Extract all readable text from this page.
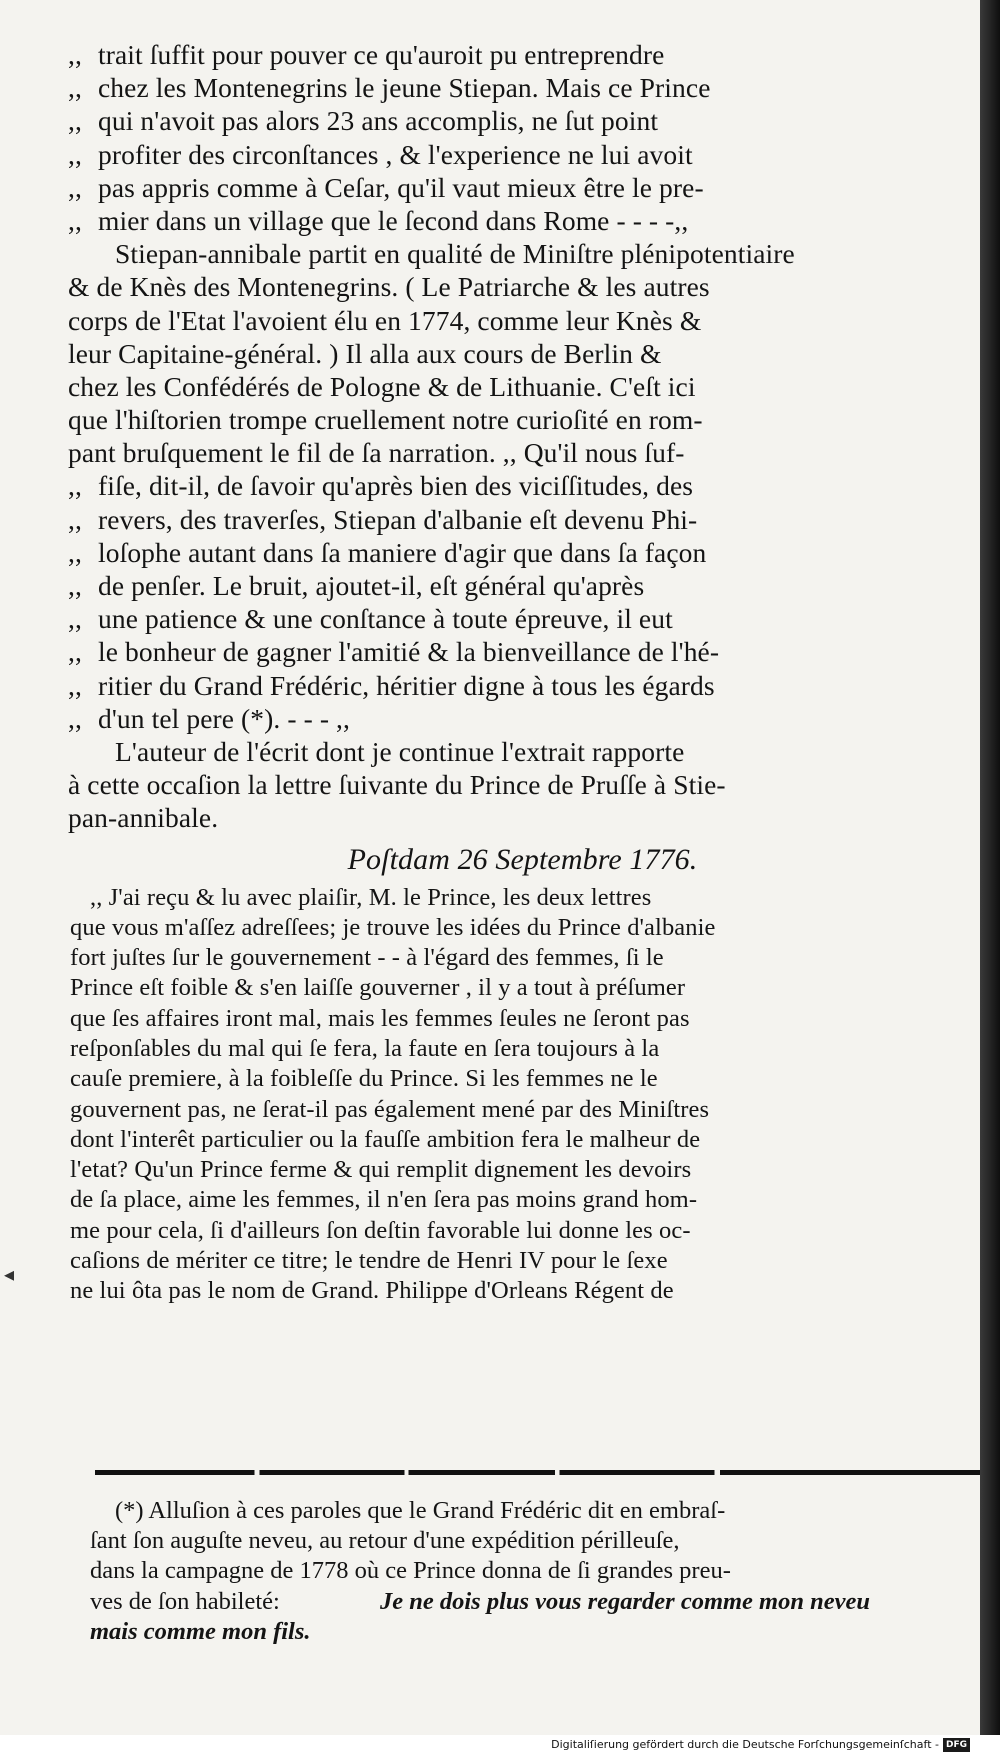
◂
,, trait ſuffit pour pouver ce qu'auroit pu entreprendre
,, chez les Montenegrins le jeune Stiepan. Mais ce Prince
,, qui n'avoit pas alors 23 ans accomplis, ne ſut point
,, profiter des circonſtances , & l'experience ne lui avoit
,, pas appris comme à Ceſar, qu'il vaut mieux être le pre-
,, mier dans un village que le ſecond dans Rome - - - -,,
Stiepan-annibale partit en qualité de Miniſtre plénipotentiaire
& de Knès des Montenegrins. ( Le Patriarche & les autres
corps de l'Etat l'avoient élu en 1774, comme leur Knès &
leur Capitaine-général. ) Il alla aux cours de Berlin &
chez les Confédérés de Pologne & de Lithuanie. C'eſt ici
que l'hiſtorien trompe cruellement notre curioſité en rom-
pant bruſquement le fil de ſa narration. ,, Qu'il nous ſuf-
,, fiſe, dit-il, de ſavoir qu'après bien des viciſſitudes, des
,, revers, des traverſes, Stiepan d'albanie eſt devenu Phi-
,, loſophe autant dans ſa maniere d'agir que dans ſa façon
,, de penſer. Le bruit, ajoutet-il, eſt général qu'après
,, une patience & une conſtance à toute épreuve, il eut
,, le bonheur de gagner l'amitié & la bienveillance de l'hé-
,, ritier du Grand Frédéric, héritier digne à tous les égards
,, d'un tel pere (*). - - - ,,
L'auteur de l'écrit dont je continue l'extrait rapporte
à cette occaſion la lettre ſuivante du Prince de Pruſſe à Stie-
pan-annibale.
Poſtdam 26 Septembre 1776.
,, J'ai reçu & lu avec plaiſir, M. le Prince, les deux lettres
que vous m'aſſez adreſſees; je trouve les idées du Prince d'albanie
fort juſtes ſur le gouvernement - - à l'égard des femmes, ſi le
Prince eſt foible & s'en laiſſe gouverner , il y a tout à préſumer
que ſes affaires iront mal, mais les femmes ſeules ne ſeront pas
reſponſables du mal qui ſe fera, la faute en ſera toujours à la
cauſe premiere, à la foibleſſe du Prince. Si les femmes ne le
gouvernent pas, ne ſerat-il pas également mené par des Miniſtres
dont l'interêt particulier ou la fauſſe ambition fera le malheur de
l'etat? Qu'un Prince ferme & qui remplit dignement les devoirs
de ſa place, aime les femmes, il n'en ſera pas moins grand hom-
me pour cela, ſi d'ailleurs ſon deſtin favorable lui donne les oc-
caſions de mériter ce titre; le tendre de Henri IV pour le ſexe
ne lui ôta pas le nom de Grand. Philippe d'Orleans Régent de
(*) Alluſion à ces paroles que le Grand Frédéric dit en embraſ-
ſant ſon auguſte neveu, au retour d'une expédition périlleuſe,
dans la campagne de 1778 où ce Prince donna de ſi grandes preu-
ves de ſon habileté:	Je ne dois plus vous regarder comme mon neveu
mais comme mon fils.
Digitaliſierung gefördert durch die Deutsche Forſchungsgemeinſchaft - DFG
